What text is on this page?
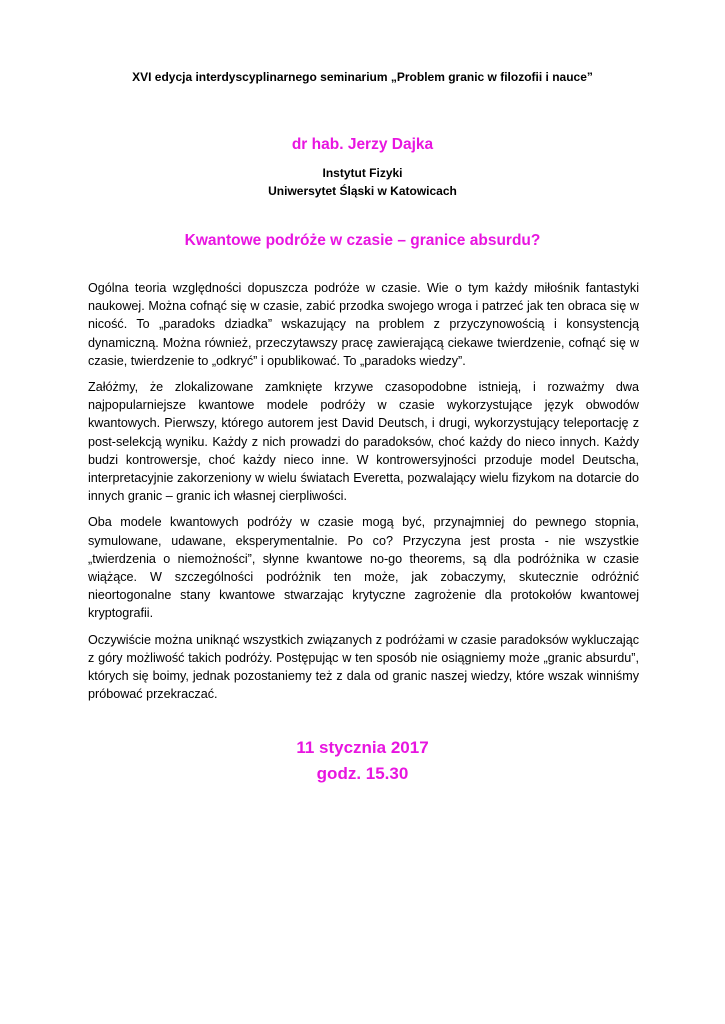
XVI edycja interdyscyplinarnego seminarium „Problem granic w filozofii i nauce”
dr hab. Jerzy Dajka
Instytut Fizyki
Uniwersytet Śląski w Katowicach
Kwantowe podróże w czasie – granice absurdu?

Ogólna teoria względności dopuszcza podróże w czasie. Wie o tym każdy miłośnik fantastyki naukowej. Można cofnąć się w czasie, zabić przodka swojego wroga i patrzeć jak ten obraca się w nicość. To „paradoks dziadka” wskazujący na problem z przyczynowością i konsystencją dynamiczną. Można również, przeczytawszy pracę zawierającą ciekawe twierdzenie, cofnąć się w czasie, twierdzenie to „odkryć” i opublikować. To „paradoks wiedzy”.

Załóżmy, że zlokalizowane zamknięte krzywe czasopodobne istnieją, i rozważmy dwa najpopularniejsze kwantowe modele podróży w czasie wykorzystujące język obwodów kwantowych. Pierwszy, którego autorem jest David Deutsch, i drugi, wykorzystujący teleportację z post-selekcją wyniku. Każdy z nich prowadzi do paradoksów, choć każdy do nieco innych. Każdy budzi kontrowersje, choć każdy nieco inne. W kontrowersyjności przoduje model Deutscha, interpretacyjnie zakorzeniony w wielu światach Everetta, pozwalający wielu fizykom na dotarcie do innych granic – granic ich własnej cierpliwości.

Oba modele kwantowych podróży w czasie mogą być, przynajmniej do pewnego stopnia, symulowane, udawane, eksperymentalnie. Po co? Przyczyna jest prosta - nie wszystkie „twierdzenia o niemożności”, słynne kwantowe no-go theorems, są dla podróżnika w czasie wiążące. W szczególności podróżnik ten może, jak zobaczymy, skutecznie odróżnić nieortogonalne stany kwantowe stwarzając krytyczne zagrożenie dla protokołów kwantowej kryptografii.

Oczywiście można uniknąć wszystkich związanych z podróżami w czasie paradoksów wykluczając z góry możliwość takich podróży. Postępując w ten sposób nie osiągniemy może „granic absurdu”, których się boimy, jednak pozostaniemy też z dala od granic naszej wiedzy, które wszak winniśmy próbować przekraczać.

11 stycznia 2017
godz. 15.30
